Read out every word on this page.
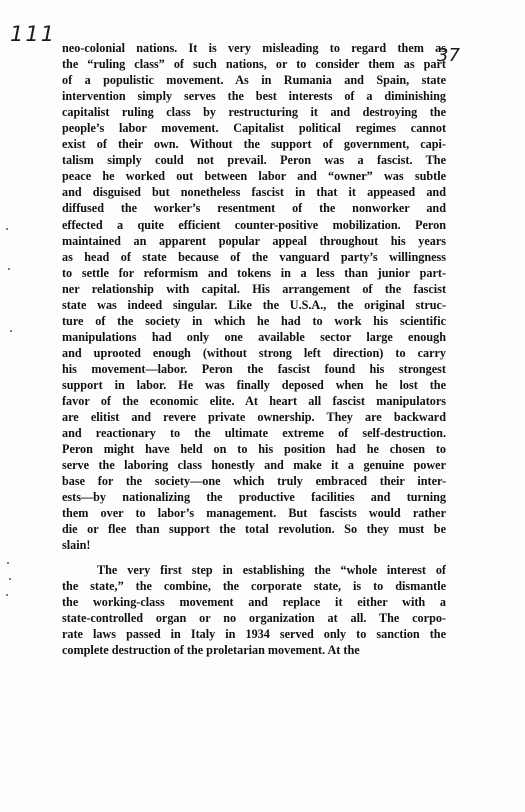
111
37
neo-colonial nations. It is very misleading to regard them as
the “ruling class” of such nations, or to consider them as part
of a populistic movement. As in Rumania and Spain, state
intervention simply serves the best interests of a diminishing
capitalist ruling class by restructuring it and destroying the
people’s labor movement. Capitalist political regimes cannot
exist of their own. Without the support of government, capi-
talism simply could not prevail. Peron was a fascist. The
peace he worked out between labor and “owner” was subtle
and disguised but nonetheless fascist in that it appeased and
diffused the worker’s resentment of the nonworker and
effected a quite efficient counter-positive mobilization. Peron
maintained an apparent popular appeal throughout his years
as head of state because of the vanguard party’s willingness
to settle for reformism and tokens in a less than junior part-
ner relationship with capital. His arrangement of the fascist
state was indeed singular. Like the U.S.A., the original struc-
ture of the society in which he had to work his scientific
manipulations had only one available sector large enough
and uprooted enough (without strong left direction) to carry
his movement—labor. Peron the fascist found his strongest
support in labor. He was finally deposed when he lost the
favor of the economic elite. At heart all fascist manipulators
are elitist and revere private ownership. They are backward
and reactionary to the ultimate extreme of self-destruction.
Peron might have held on to his position had he chosen to
serve the laboring class honestly and make it a genuine power
base for the society—one which truly embraced their inter-
ests—by nationalizing the productive facilities and turning
them over to labor’s management. But fascists would rather
die or flee than support the total revolution. So they must be
slain!
The very first step in establishing the “whole interest of
the state,” the combine, the corporate state, is to dismantle
the working-class movement and replace it either with a
state-controlled organ or no organization at all. The corpo-
rate laws passed in Italy in 1934 served only to sanction the
complete destruction of the proletarian movement. At the
